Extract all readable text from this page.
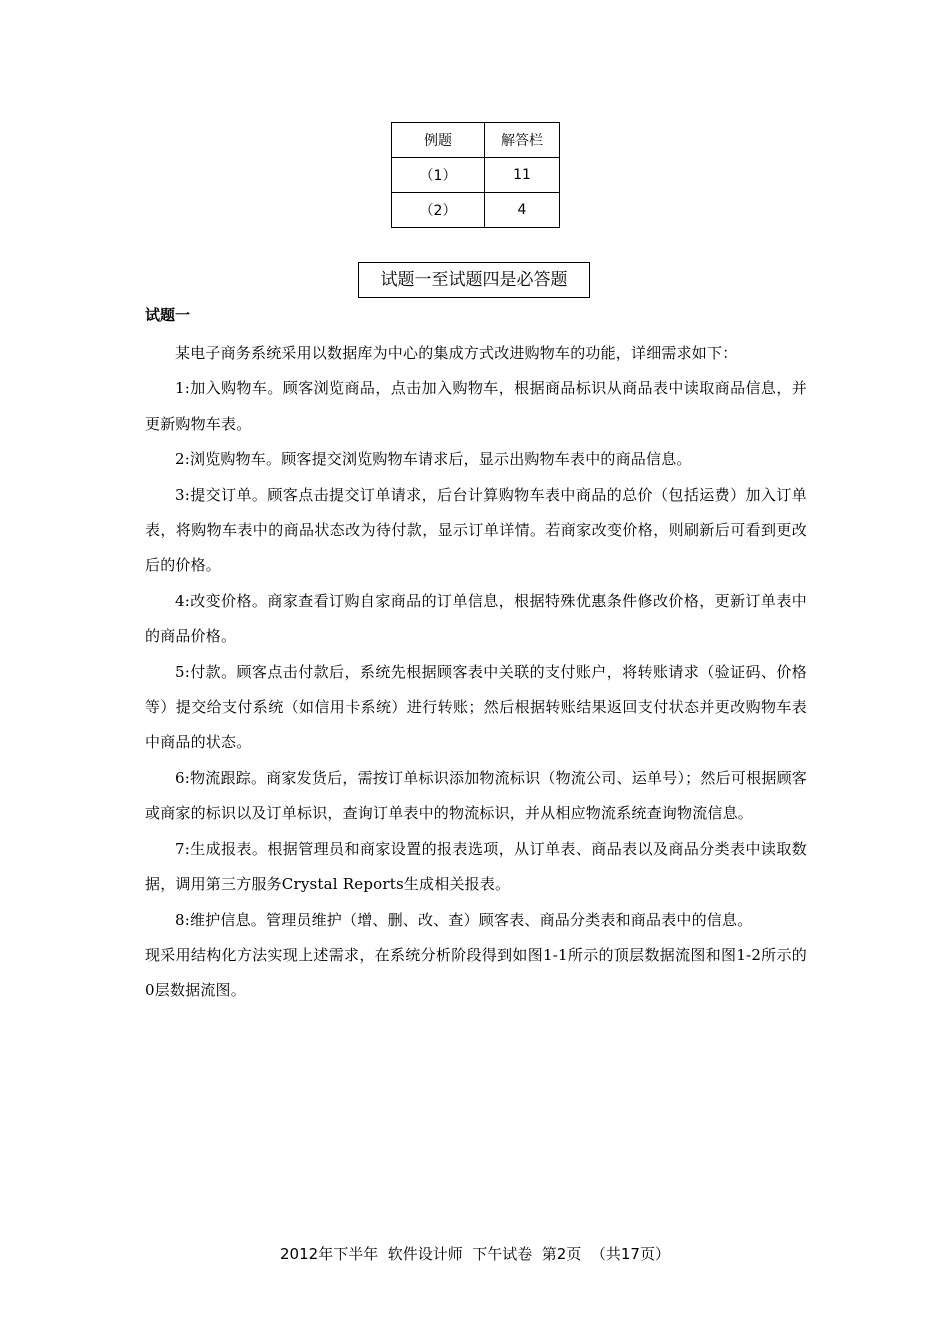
例题	解答栏
（1）	11
（2）	4
试题一至试题四是必答题
试题一

某电子商务系统采用以数据库为中心的集成方式改进购物车的功能，详细需求如下：

1:加入购物车。顾客浏览商品，点击加入购物车，根据商品标识从商品表中读取商品信息，并更新购物车表。

2:浏览购物车。顾客提交浏览购物车请求后，显示出购物车表中的商品信息。

3:提交订单。顾客点击提交订单请求，后台计算购物车表中商品的总价（包括运费）加入订单表，将购物车表中的商品状态改为待付款，显示订单详情。若商家改变价格，则刷新后可看到更改后的价格。

4:改变价格。商家查看订购自家商品的订单信息，根据特殊优惠条件修改价格，更新订单表中的商品价格。

5:付款。顾客点击付款后，系统先根据顾客表中关联的支付账户，将转账请求（验证码、价格等）提交给支付系统（如信用卡系统）进行转账；然后根据转账结果返回支付状态并更改购物车表中商品的状态。

6:物流跟踪。商家发货后，需按订单标识添加物流标识（物流公司、运单号）；然后可根据顾客或商家的标识以及订单标识，查询订单表中的物流标识，并从相应物流系统查询物流信息。

7:生成报表。根据管理员和商家设置的报表选项，从订单表、商品表以及商品分类表中读取数据，调用第三方服务Crystal Reports生成相关报表。

8:维护信息。管理员维护（增、删、改、查）顾客表、商品分类表和商品表中的信息。

现采用结构化方法实现上述需求，在系统分析阶段得到如图1-1所示的顶层数据流图和图1-2所示的0层数据流图。

2012年下半年  软件设计师  下午试卷  第2页  （共17页）
